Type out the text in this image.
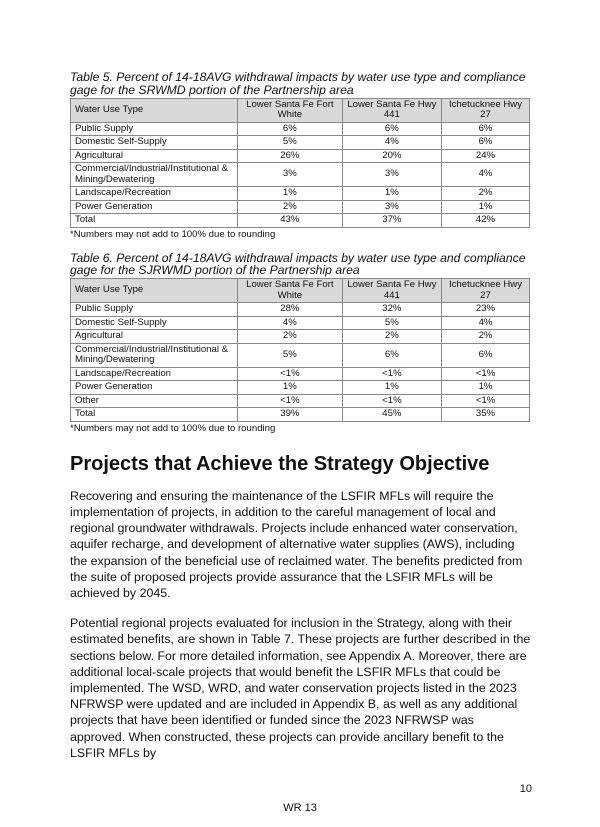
Table 5. Percent of 14-18AVG withdrawal impacts by water use type and compliance gage for the SRWMD portion of the Partnership area
Water Use Type	Lower Santa Fe Fort White	Lower Santa Fe Hwy 441	Ichetucknee Hwy 27
Public Supply	6%	6%	6%
Domestic Self-Supply	5%	4%	6%
Agricultural	26%	20%	24%
Commercial/Industrial/Institutional & Mining/Dewatering	3%	3%	4%
Landscape/Recreation	1%	1%	2%
Power Generation	2%	3%	1%
Total	43%	37%	42%
*Numbers may not add to 100% due to rounding
Table 6. Percent of 14-18AVG withdrawal impacts by water use type and compliance gage for the SJRWMD portion of the Partnership area
Water Use Type	Lower Santa Fe Fort White	Lower Santa Fe Hwy 441	Ichetucknee Hwy 27
Public Supply	28%	32%	23%
Domestic Self-Supply	4%	5%	4%
Agricultural	2%	2%	2%
Commercial/Industrial/Institutional & Mining/Dewatering	5%	6%	6%
Landscape/Recreation	<1%	<1%	<1%
Power Generation	1%	1%	1%
Other	<1%	<1%	<1%
Total	39%	45%	35%
*Numbers may not add to 100% due to rounding
Projects that Achieve the Strategy Objective

Recovering and ensuring the maintenance of the LSFIR MFLs will require the implementation of projects, in addition to the careful management of local and regional groundwater withdrawals. Projects include enhanced water conservation, aquifer recharge, and development of alternative water supplies (AWS), including the expansion of the beneficial use of reclaimed water. The benefits predicted from the suite of proposed projects provide assurance that the LSFIR MFLs will be achieved by 2045.

Potential regional projects evaluated for inclusion in the Strategy, along with their estimated benefits, are shown in Table 7. These projects are further described in the sections below. For more detailed information, see Appendix A. Moreover, there are additional local-scale projects that would benefit the LSFIR MFLs that could be implemented. The WSD, WRD, and water conservation projects listed in the 2023 NFRWSP were updated and are included in Appendix B, as well as any additional projects that have been identified or funded since the 2023 NFRWSP was approved. When constructed, these projects can provide ancillary benefit to the LSFIR MFLs by

10
WR 13
